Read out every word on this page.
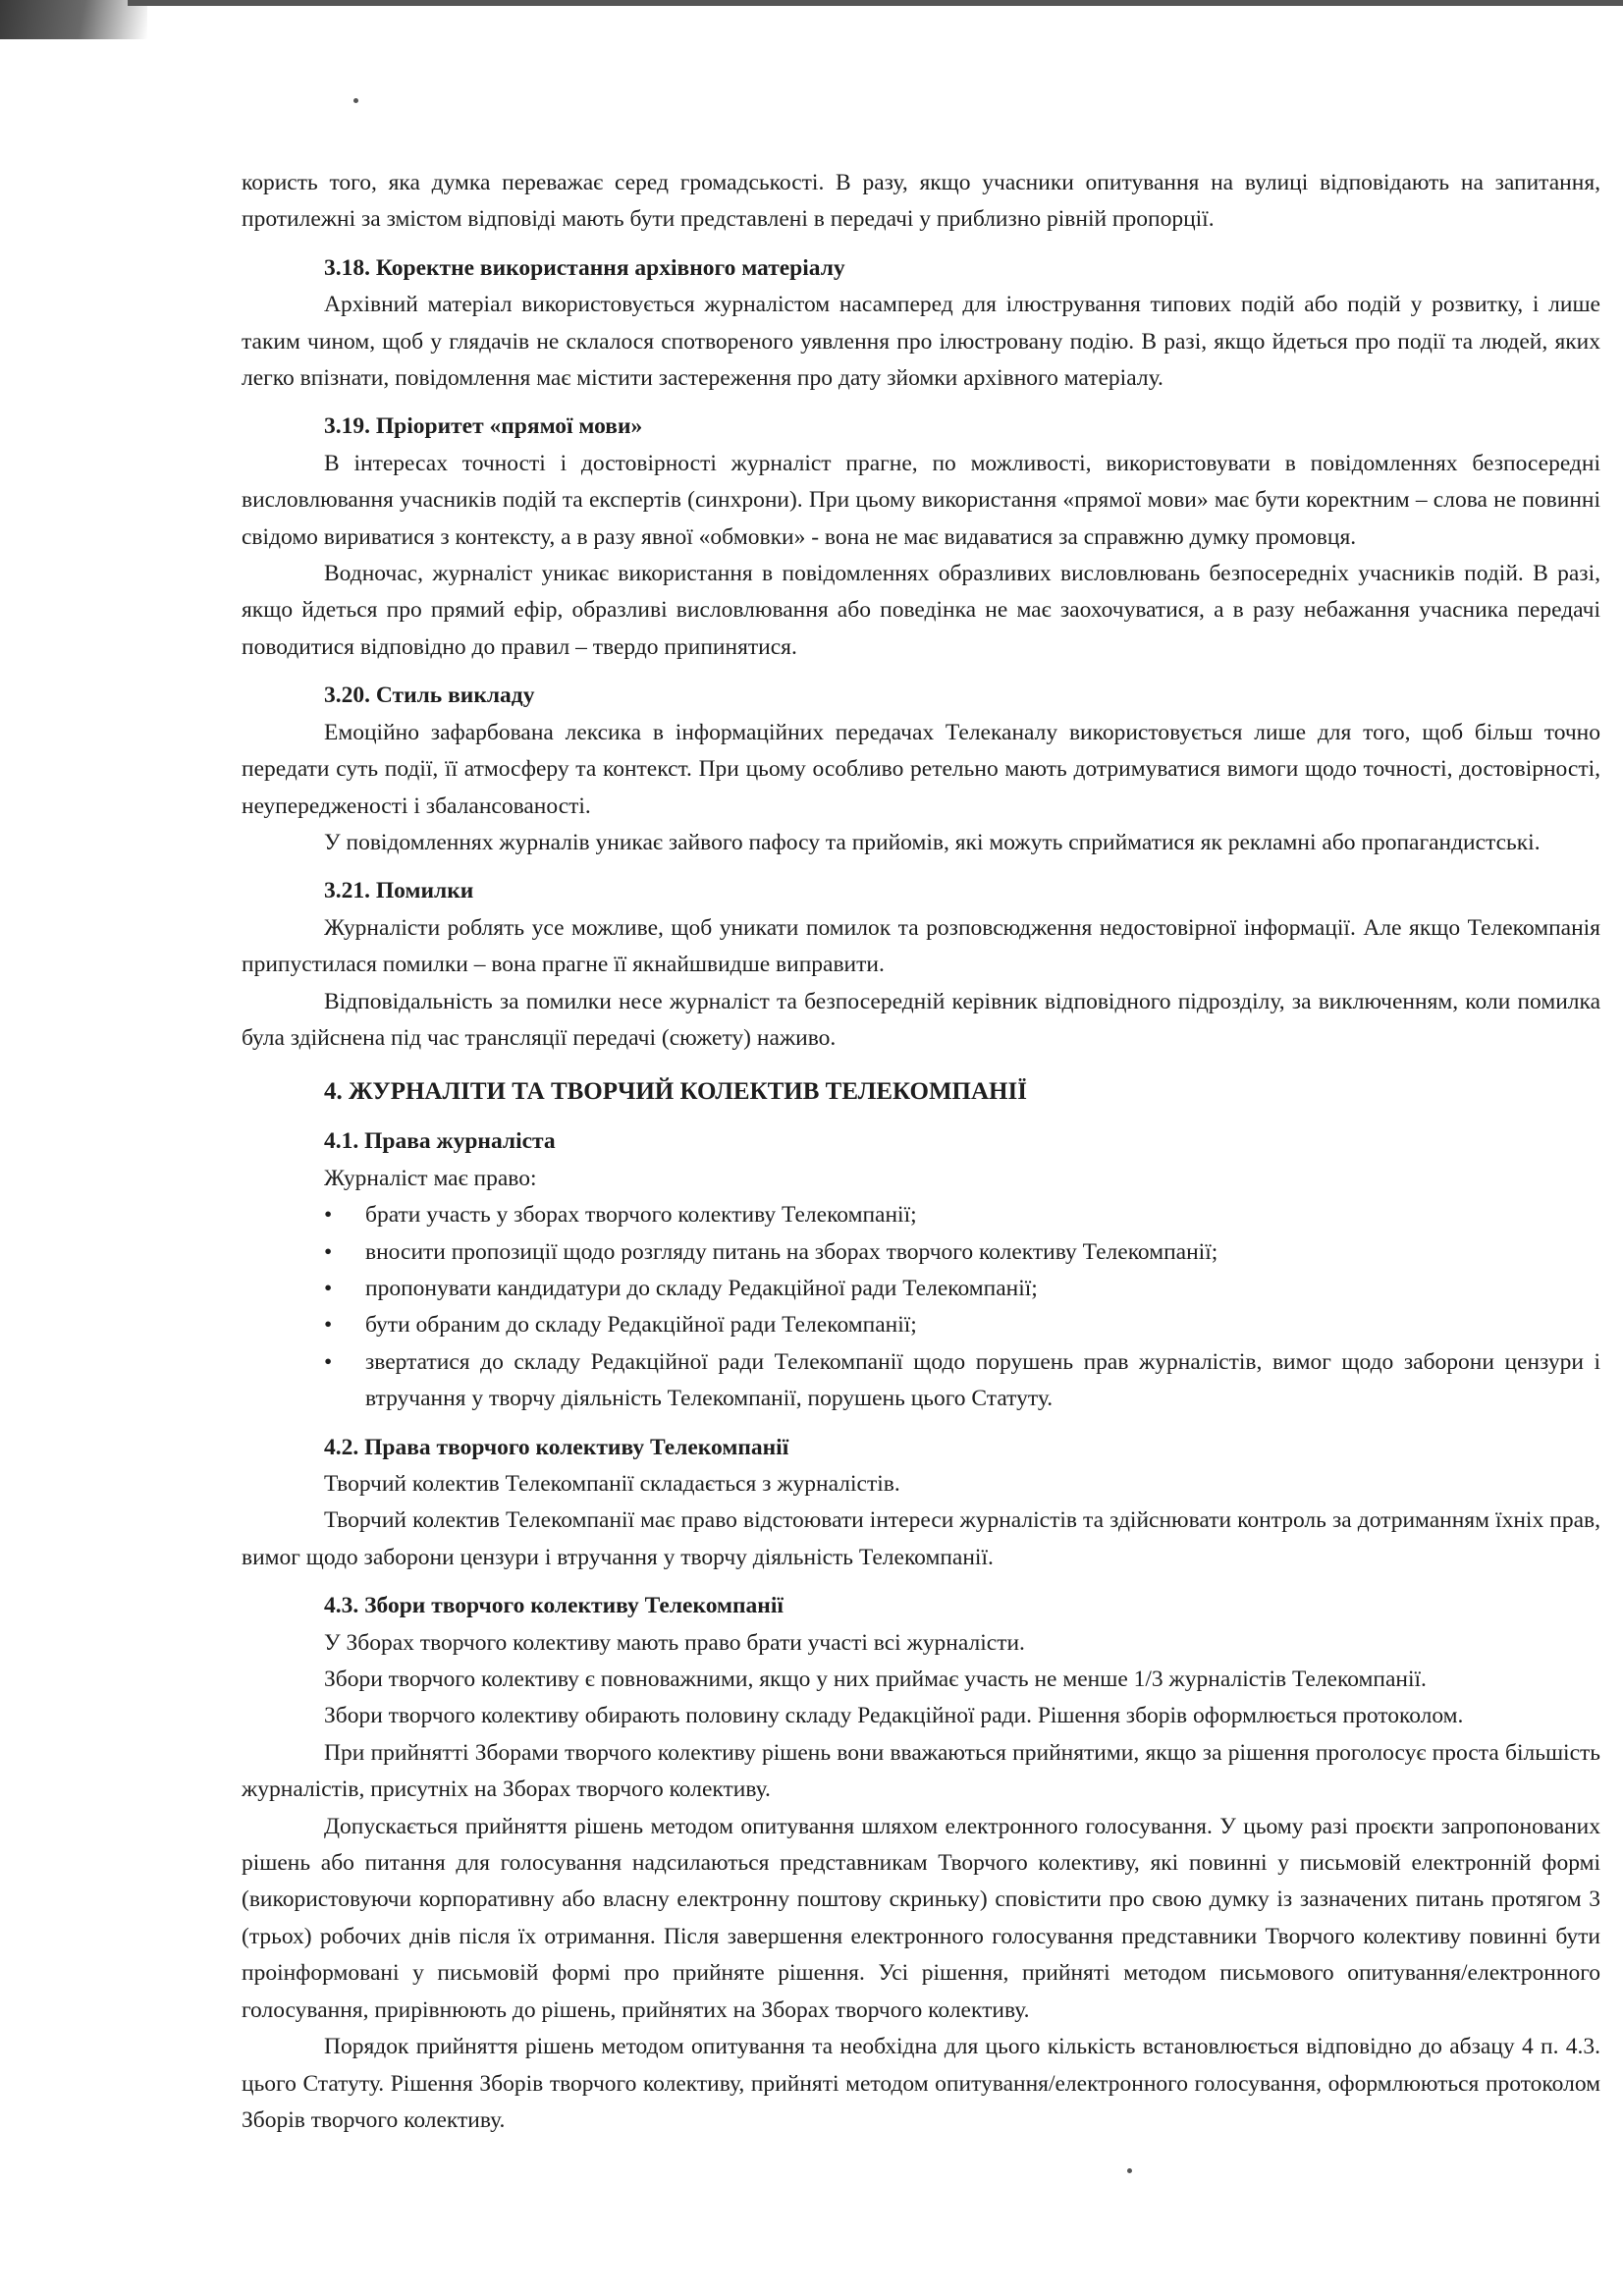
користь того, яка думка переважає серед громадськості. В разу, якщо учасники опитування на вулиці відповідають на запитання, протилежні за змістом відповіді мають бути представлені в передачі у приблизно рівній пропорції.

3.18. Коректне використання архівного матеріалу

Архівний матеріал використовується журналістом насамперед для ілюстрування типових подій або подій у розвитку, і лише таким чином, щоб у глядачів не склалося спотвореного уявлення про ілюстровану подію. В разі, якщо йдеться про події та людей, яких легко впізнати, повідомлення має містити застереження про дату зйомки архівного матеріалу.

3.19. Пріоритет «прямої мови»

В інтересах точності і достовірності журналіст прагне, по можливості, використовувати в повідомленнях безпосередні висловлювання учасників подій та експертів (синхрони). При цьому використання «прямої мови» має бути коректним – слова не повинні свідомо вириватися з контексту, а в разу явної «обмовки» - вона не має видаватися за справжню думку промовця.

Водночас, журналіст уникає використання в повідомленнях образливих висловлювань безпосередніх учасників подій. В разі, якщо йдеться про прямий ефір, образливі висловлювання або поведінка не має заохочуватися, а в разу небажання учасника передачі поводитися відповідно до правил – твердо припинятися.

3.20. Стиль викладу

Емоційно зафарбована лексика в інформаційних передачах Телеканалу використовується лише для того, щоб більш точно передати суть події, її атмосферу та контекст. При цьому особливо ретельно мають дотримуватися вимоги щодо точності, достовірності, неупередженості і збалансованості.

У повідомленнях журналів уникає зайвого пафосу та прийомів, які можуть сприйматися як рекламні або пропагандистські.

3.21. Помилки

Журналісти роблять усе можливе, щоб уникати помилок та розповсюдження недостовірної інформації. Але якщо Телекомпанія припустилася помилки – вона прагне її якнайшвидше виправити.

Відповідальність за помилки несе журналіст та безпосередній керівник відповідного підрозділу, за виключенням, коли помилка була здійснена під час трансляції передачі (сюжету) наживо.

4. ЖУРНАЛІТИ ТА ТВОРЧИЙ КОЛЕКТИВ ТЕЛЕКОМПАНІЇ
4.1. Права журналіста

Журналіст має право:

• брати участь у зборах творчого колективу Телекомпанії;
• вносити пропозиції щодо розгляду питань на зборах творчого колективу Телекомпанії;
• пропонувати кандидатури до складу Редакційної ради Телекомпанії;
• бути обраним до складу Редакційної ради Телекомпанії;
• звертатися до складу Редакційної ради Телекомпанії щодо порушень прав журналістів, вимог щодо заборони цензури і втручання у творчу діяльність Телекомпанії, порушень цього Статуту.
4.2. Права творчого колективу Телекомпанії

Творчий колектив Телекомпанії складається з журналістів.

Творчий колектив Телекомпанії має право відстоювати інтереси журналістів та здійснювати контроль за дотриманням їхніх прав, вимог щодо заборони цензури і втручання у творчу діяльність Телекомпанії.

4.3. Збори творчого колективу Телекомпанії

У Зборах творчого колективу мають право брати участі всі журналісти.

Збори творчого колективу є повноважними, якщо у них приймає участь не менше 1/3 журналістів Телекомпанії.

Збори творчого колективу обирають половину складу Редакційної ради. Рішення зборів оформлюється протоколом.

При прийнятті Зборами творчого колективу рішень вони вважаються прийнятими, якщо за рішення проголосує проста більшість журналістів, присутніх на Зборах творчого колективу.

Допускається прийняття рішень методом опитування шляхом електронного голосування. У цьому разі проєкти запропонованих рішень або питання для голосування надсилаються представникам Творчого колективу, які повинні у письмовій електронній формі (використовуючи корпоративну або власну електронну поштову скриньку) сповістити про свою думку із зазначених питань протягом 3 (трьох) робочих днів після їх отримання. Після завершення електронного голосування представники Творчого колективу повинні бути проінформовані у письмовій формі про прийняте рішення. Усі рішення, прийняті методом письмового опитування/електронного голосування, прирівнюють до рішень, прийнятих на Зборах творчого колективу.

Порядок прийняття рішень методом опитування та необхідна для цього кількість встановлюється відповідно до абзацу 4 п. 4.3. цього Статуту. Рішення Зборів творчого колективу, прийняті методом опитування/електронного голосування, оформлюються протоколом Зборів творчого колективу.
